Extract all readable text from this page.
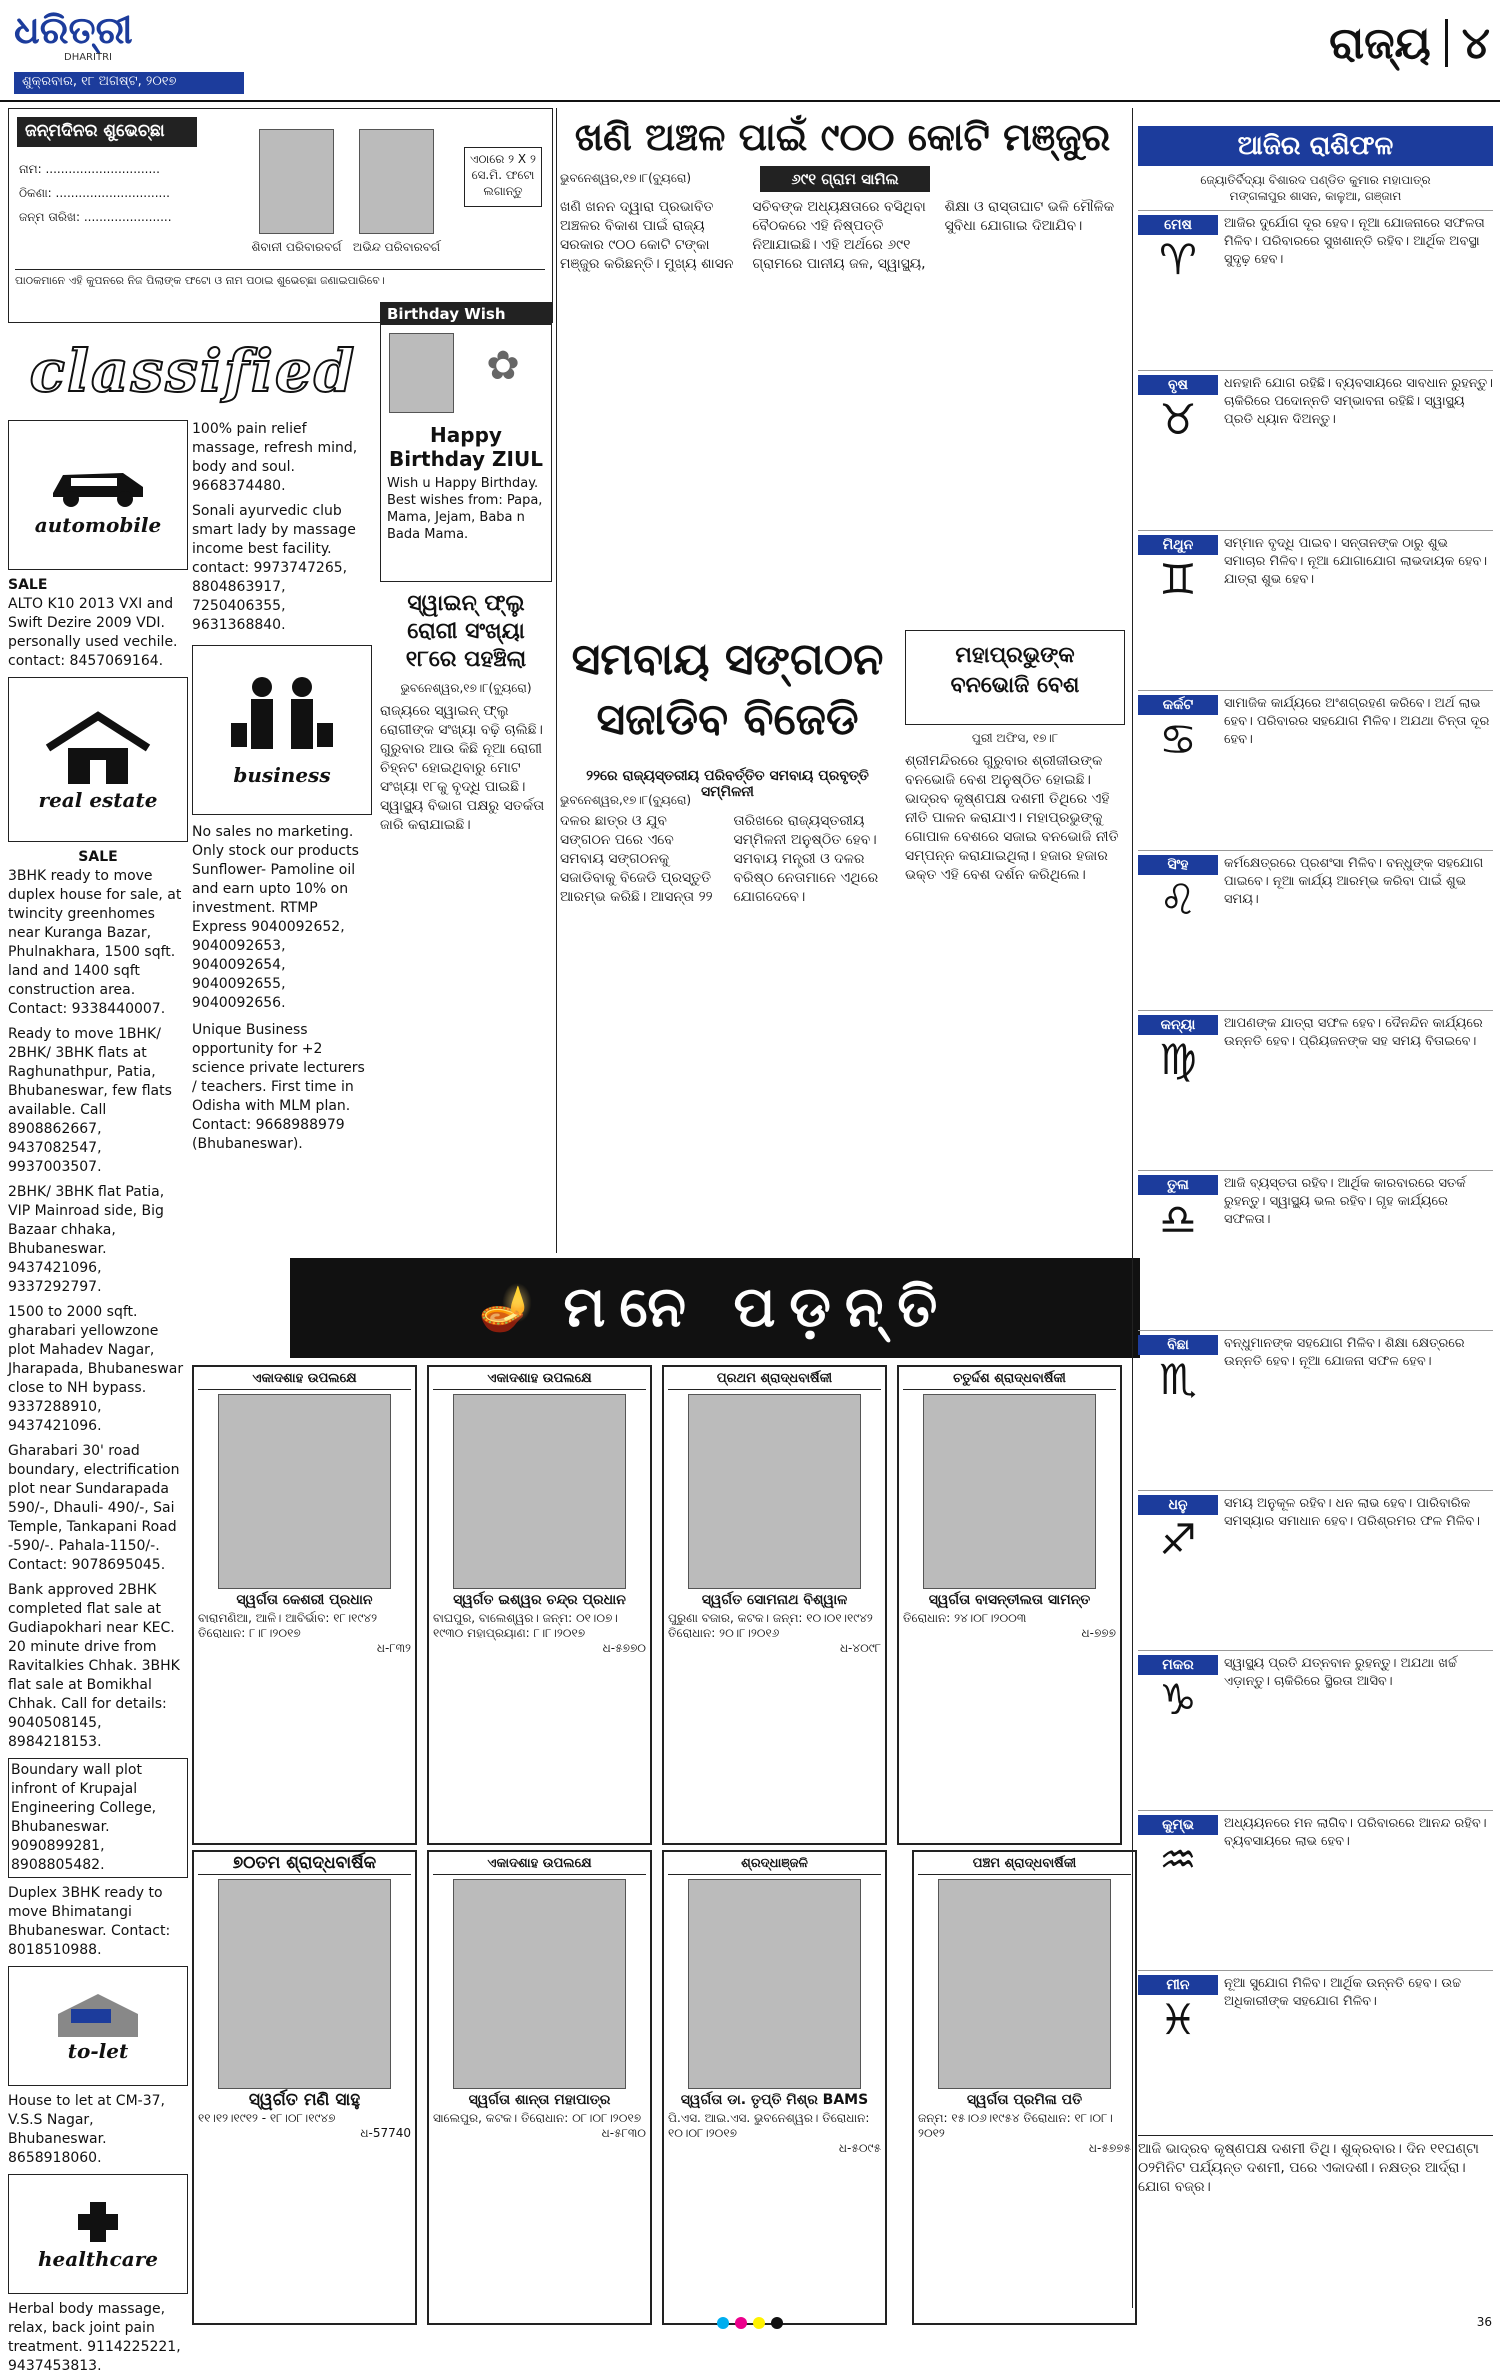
ଧରିତ୍ରୀ
DHARITRI
ଶୁକ୍ରବାର, ୧୮ ଅଗଷ୍ଟ, ୨୦୧୭
ରାଜ୍ୟ ୪
ଜନ୍ମଦିନର ଶୁଭେଚ୍ଛା
ନାମ: ..............................
ଠିକଣା: ..............................
ଜନ୍ମ ତାରିଖ: .......................
ଶିବାନୀ ପରିବାରବର୍ଗ ଅଭିନ୍ଦ ପରିବାରବର୍ଗ
ଏଠାରେ ୨ X ୨ ସେ.ମି. ଫଟୋ ଲଗାନ୍ତୁ
ପାଠକମାନେ ଏହି କୁପନରେ ନିଜ ପିଲାଙ୍କ ଫଟୋ ଓ ନାମ ପଠାଇ ଶୁଭେଚ୍ଛା ଜଣାଇପାରିବେ।
classified
automobile
SALE
ALTO K10 2013 VXI and Swift Dezire 2009 VDI. personally used vechile. contact: 8457069164.
real estate
SALE
3BHK ready to move duplex house for sale, at twincity greenhomes near Kuranga Bazar, Phulnakhara, 1500 sqft. land and 1400 sqft construction area. Contact: 9338440007.
Ready to move 1BHK/ 2BHK/ 3BHK flats at Raghunathpur, Patia, Bhubaneswar, few flats available. Call 8908862667, 9437082547, 9937003507.
2BHK/ 3BHK flat Patia, VIP Mainroad side, Big Bazaar chhaka, Bhubaneswar. 9437421096, 9337292797.
1500 to 2000 sqft. gharabari yellowzone plot Mahadev Nagar, Jharapada, Bhubaneswar close to NH bypass. 9337288910, 9437421096.
Gharabari 30' road boundary, electrification plot near Sundarapada 590/-, Dhauli- 490/-, Sai Temple, Tankapani Road -590/-. Pahala-1150/-. Contact: 9078695045.
Bank approved 2BHK completed flat sale at Gudiapokhari near KEC. 20 minute drive from Ravitalkies Chhak. 3BHK flat sale at Bomikhal Chhak. Call for details: 9040508145, 8984218153.
Boundary wall plot infront of Krupajal Engineering College, Bhubaneswar. 9090899281, 8908805482.
Duplex 3BHK ready to move Bhimatangi Bhubaneswar. Contact: 8018510988.
to-let
House to let at CM-37, V.S.S Nagar, Bhubaneswar. 8658918060.
healthcare
Herbal body massage, relax, back joint pain treatment. 9114225221, 9437453813.
100% pain relief massage, refresh mind, body and soul. 9668374480.
Sonali ayurvedic club smart lady by massage income best facility. contact: 9973747265, 8804863917, 7250406355, 9631368840.
business
No sales no marketing. Only stock our products Sunflower- Pamoline oil and earn upto 10% on investment. RTMP Express 9040092652, 9040092653, 9040092654, 9040092655, 9040092656.
Unique Business opportunity for +2 science private lecturers / teachers. First time in Odisha with MLM plan. Contact: 9668988979 (Bhubaneswar).
Birthday Wish
✿
Happy Birthday ZIUL
Wish u Happy Birthday. Best wishes from: Papa, Mama, Jejam, Baba n Bada Mama.
ସ୍ୱାଇନ୍ ଫ୍ଲୁ ରୋଗୀ ସଂଖ୍ୟା ୧୮ରେ ପହଞ୍ଚିଲା
ଭୁବନେଶ୍ୱର,୧୭।୮(ବ୍ୟୁରୋ)
ରାଜ୍ୟରେ ସ୍ୱାଇନ୍ ଫ୍ଲୁ ରୋଗୀଙ୍କ ସଂଖ୍ୟା ବଢ଼ି ଚାଲିଛି। ଗୁରୁବାର ଆଉ କିଛି ନୂଆ ରୋଗୀ ଚିହ୍ନଟ ହୋଇଥିବାରୁ ମୋଟ ସଂଖ୍ୟା ୧୮କୁ ବୃଦ୍ଧି ପାଇଛି। ସ୍ୱାସ୍ଥ୍ୟ ବିଭାଗ ପକ୍ଷରୁ ସତର୍କତା ଜାରି କରାଯାଇଛି।
ଖଣି ଅଞ୍ଚଳ ପାଇଁ ୯୦୦ କୋଟି ମଞ୍ଜୁର
ଭୁବନେଶ୍ୱର,୧୭।୮(ବ୍ୟୁରୋ)	୬୯୧ ଗ୍ରାମ ସାମିଲ
ଖଣି ଖନନ ଦ୍ୱାରା ପ୍ରଭାବିତ ଅଞ୍ଚଳର ବିକାଶ ପାଇଁ ରାଜ୍ୟ ସରକାର ୯୦୦ କୋଟି ଟଙ୍କା ମଞ୍ଜୁର କରିଛନ୍ତି। ମୁଖ୍ୟ ଶାସନ ସଚିବଙ୍କ ଅଧ୍ୟକ୍ଷତାରେ ବସିଥିବା ବୈଠକରେ ଏହି ନିଷ୍ପତ୍ତି ନିଆଯାଇଛି। ଏହି ଅର୍ଥରେ ୬୯୧ ଗ୍ରାମରେ ପାନୀୟ ଜଳ, ସ୍ୱାସ୍ଥ୍ୟ, ଶିକ୍ଷା ଓ ରାସ୍ତାଘାଟ ଭଳି ମୌଳିକ ସୁବିଧା ଯୋଗାଇ ଦିଆଯିବ।
ସମବାୟ ସଙ୍ଗଠନ
ସଜାଡିବ ବିଜେଡି
୨୨ରେ ରାଜ୍ୟସ୍ତରୀୟ ପରିବର୍ତ୍ତିତ ସମବାୟ ପ୍ରବୃତ୍ତି ସମ୍ମିଳନୀ
ଭୁବନେଶ୍ୱର,୧୭।୮(ବ୍ୟୁରୋ)
ଦଳର ଛାତ୍ର ଓ ଯୁବ ସଙ୍ଗଠନ ପରେ ଏବେ ସମବାୟ ସଙ୍ଗଠନକୁ ସଜାଡିବାକୁ ବିଜେଡି ପ୍ରସ୍ତୁତି ଆରମ୍ଭ କରିଛି। ଆସନ୍ତା ୨୨ ତାରିଖରେ ରାଜ୍ୟସ୍ତରୀୟ ସମ୍ମିଳନୀ ଅନୁଷ୍ଠିତ ହେବ। ସମବାୟ ମନ୍ତ୍ରୀ ଓ ଦଳର ବରିଷ୍ଠ ନେତାମାନେ ଏଥିରେ ଯୋଗଦେବେ।
ମହାପ୍ରଭୁଙ୍କ
ବନଭୋଜି ବେଶ
ପୁରୀ ଅଫିସ, ୧୭।୮
ଶ୍ରୀମନ୍ଦିରରେ ଗୁରୁବାର ଶ୍ରୀଜୀଉଙ୍କ ବନଭୋଜି ବେଶ ଅନୁଷ୍ଠିତ ହୋଇଛି। ଭାଦ୍ରବ କୃଷ୍ଣପକ୍ଷ ଦଶମୀ ତିଥିରେ ଏହି ନୀତି ପାଳନ କରାଯାଏ। ମହାପ୍ରଭୁଙ୍କୁ ଗୋପାଳ ବେଶରେ ସଜାଇ ବନଭୋଜି ନୀତି ସମ୍ପନ୍ନ କରାଯାଇଥିଲା। ହଜାର ହଜାର ଭକ୍ତ ଏହି ବେଶ ଦର୍ଶନ କରିଥିଲେ।
🪔 ମନେ ପଡ଼ନ୍ତି
ଏକାଦଶାହ ଉପଲକ୍ଷେ
ସ୍ୱର୍ଗତା କେଶରୀ ପ୍ରଧାନ
ବାରାମଣିଆ, ଆଳି। ଆବିର୍ଭାବ: ୧୮।୧୯୪୨ ତିରୋଧାନ: ୮।୮।୨୦୧୭
ଧ-୮୩୨
ଏକାଦଶାହ ଉପଲକ୍ଷେ
ସ୍ୱର୍ଗତ ଇଶ୍ୱର ଚନ୍ଦ୍ର ପ୍ରଧାନ
ବାଘପୁର, ବାଲେଶ୍ୱର। ଜନ୍ମ: ୦୧।୦୭।୧୯୩୦ ମହାପ୍ରୟାଣ: ୮।୮।୨୦୧୭
ଧ-୫୭୭୦
ପ୍ରଥମ ଶ୍ରାଦ୍ଧବାର୍ଷିକୀ
ସ୍ୱର୍ଗତ ସୋମନାଥ ବିଶ୍ୱାଳ
ପୁରୁଣା ବଜାର, କଟକ। ଜନ୍ମ: ୧୦।୦୧।୧୯୪୨ ତିରୋଧାନ: ୨୦।୮।୨୦୧୬
ଧ-୪୦୯୮
ଚତୁର୍ଦ୍ଦଶ ଶ୍ରାଦ୍ଧବାର୍ଷିକୀ
ସ୍ୱର୍ଗତା ବାସନ୍ତୀଲତା ସାମନ୍ତ
ତିରୋଧାନ: ୨୪।୦୮।୨୦୦୩
ଧ-୭୭୭
୭୦ତମ ଶ୍ରାଦ୍ଧବାର୍ଷିକ
ସ୍ୱର୍ଗତ ମଣି ସାହୁ
୧୧।୧୨।୧୯୧୨ - ୧୮।୦୮।୧୯୪୭
ଧ-57740
ଏକାଦଶାହ ଉପଲକ୍ଷେ
ସ୍ୱର୍ଗତା ଶାନ୍ତା ମହାପାତ୍ର
ସାଲେପୁର, କଟକ। ତିରୋଧାନ: ୦୮।୦୮।୨୦୧୭
ଧ-୫୮୩୦
ଶ୍ରଦ୍ଧାଞ୍ଜଳି
ସ୍ୱର୍ଗତା ଡା. ତୃପ୍ତି ମିଶ୍ର BAMS
ପି.ଏସ. ଆଇ.ଏସ. ଭୁବନେଶ୍ୱର। ତିରୋଧାନ: ୧୦।୦୮।୨୦୧୭
ଧ-୫୦୯୫
ପଞ୍ଚମ ଶ୍ରାଦ୍ଧବାର୍ଷିକୀ
ସ୍ୱର୍ଗତା ପ୍ରମିଳା ପତି
ଜନ୍ମ: ୧୫।୦୬।୧୯୫୪ ତିରୋଧାନ: ୧୮।୦୮।୨୦୧୨
ଧ-୫୭୭୫
ଆଜିର ରାଶିଫଳ
ଜ୍ୟୋତିର୍ବିଦ୍ୟା ବିଶାରଦ ପଣ୍ଡିତ କୁମାର ମହାପାତ୍ର
ମଙ୍ଗଳାପୁର ଶାସନ, କାଳୁଆ, ଗଞ୍ଜାମ
ମେଷ
♈
ଆଜିର ଦୁର୍ଯୋଗ ଦୂର ହେବ। ନୂଆ ଯୋଜନାରେ ସଫଳତା ମିଳିବ। ପରିବାରରେ ସୁଖଶାନ୍ତି ରହିବ। ଆର୍ଥିକ ଅବସ୍ଥା ସୁଦୃଢ଼ ହେବ।
ବୃଷ
♉
ଧନହାନି ଯୋଗ ରହିଛି। ବ୍ୟବସାୟରେ ସାବଧାନ ରୁହନ୍ତୁ। ଚାକିରିରେ ପଦୋନ୍ନତି ସମ୍ଭାବନା ରହିଛି। ସ୍ୱାସ୍ଥ୍ୟ ପ୍ରତି ଧ୍ୟାନ ଦିଅନ୍ତୁ।
ମିଥୁନ
♊
ସମ୍ମାନ ବୃଦ୍ଧି ପାଇବ। ସନ୍ତାନଙ୍କ ଠାରୁ ଶୁଭ ସମାଚାର ମିଳିବ। ନୂଆ ଯୋଗାଯୋଗ ଲାଭଦାୟକ ହେବ। ଯାତ୍ରା ଶୁଭ ହେବ।
କର୍କଟ
♋
ସାମାଜିକ କାର୍ଯ୍ୟରେ ଅଂଶଗ୍ରହଣ କରିବେ। ଅର୍ଥ ଲାଭ ହେବ। ପରିବାରର ସହଯୋଗ ମିଳିବ। ଅଯଥା ଚିନ୍ତା ଦୂର ହେବ।
ସିଂହ
♌
କର୍ମକ୍ଷେତ୍ରରେ ପ୍ରଶଂସା ମିଳିବ। ବନ୍ଧୁଙ୍କ ସହଯୋଗ ପାଇବେ। ନୂଆ କାର୍ଯ୍ୟ ଆରମ୍ଭ କରିବା ପାଇଁ ଶୁଭ ସମୟ।
କନ୍ୟା
♍
ଆପଣଙ୍କ ଯାତ୍ରା ସଫଳ ହେବ। ଦୈନନ୍ଦିନ କାର୍ଯ୍ୟରେ ଉନ୍ନତି ହେବ। ପ୍ରିୟଜନଙ୍କ ସହ ସମୟ ବିତାଇବେ।
ତୁଳା
♎
ଆଜି ବ୍ୟସ୍ତତା ରହିବ। ଆର୍ଥିକ କାରବାରରେ ସତର୍କ ରୁହନ୍ତୁ। ସ୍ୱାସ୍ଥ୍ୟ ଭଲ ରହିବ। ଗୃହ କାର୍ଯ୍ୟରେ ସଫଳତା।
ବିଛା
♏
ବନ୍ଧୁମାନଙ୍କ ସହଯୋଗ ମିଳିବ। ଶିକ୍ଷା କ୍ଷେତ୍ରରେ ଉନ୍ନତି ହେବ। ନୂଆ ଯୋଜନା ସଫଳ ହେବ।
ଧନୁ
♐
ସମୟ ଅନୁକୂଳ ରହିବ। ଧନ ଲାଭ ହେବ। ପାରିବାରିକ ସମସ୍ୟାର ସମାଧାନ ହେବ। ପରିଶ୍ରମର ଫଳ ମିଳିବ।
ମକର
♑
ସ୍ୱାସ୍ଥ୍ୟ ପ୍ରତି ଯତ୍ନବାନ ରୁହନ୍ତୁ। ଅଯଥା ଖର୍ଚ୍ଚ ଏଡ଼ାନ୍ତୁ। ଚାକିରିରେ ସ୍ଥିରତା ଆସିବ।
କୁମ୍ଭ
♒
ଅଧ୍ୟୟନରେ ମନ ଲାଗିବ। ପରିବାରରେ ଆନନ୍ଦ ରହିବ। ବ୍ୟବସାୟରେ ଲାଭ ହେବ।
ମୀନ
♓
ନୂଆ ସୁଯୋଗ ମିଳିବ। ଆର୍ଥିକ ଉନ୍ନତି ହେବ। ଉଚ୍ଚ ଅଧିକାରୀଙ୍କ ସହଯୋଗ ମିଳିବ।
ଆଜି ଭାଦ୍ରବ କୃଷ୍ଣପକ୍ଷ ଦଶମୀ ତିଥି। ଶୁକ୍ରବାର। ଦିନ ୧୧ଘଣ୍ଟା ୦୨ମିନିଟ ପର୍ଯ୍ୟନ୍ତ ଦଶମୀ, ପରେ ଏକାଦଶୀ। ନକ୍ଷତ୍ର ଆର୍ଦ୍ରା। ଯୋଗ ବଜ୍ର।
36
